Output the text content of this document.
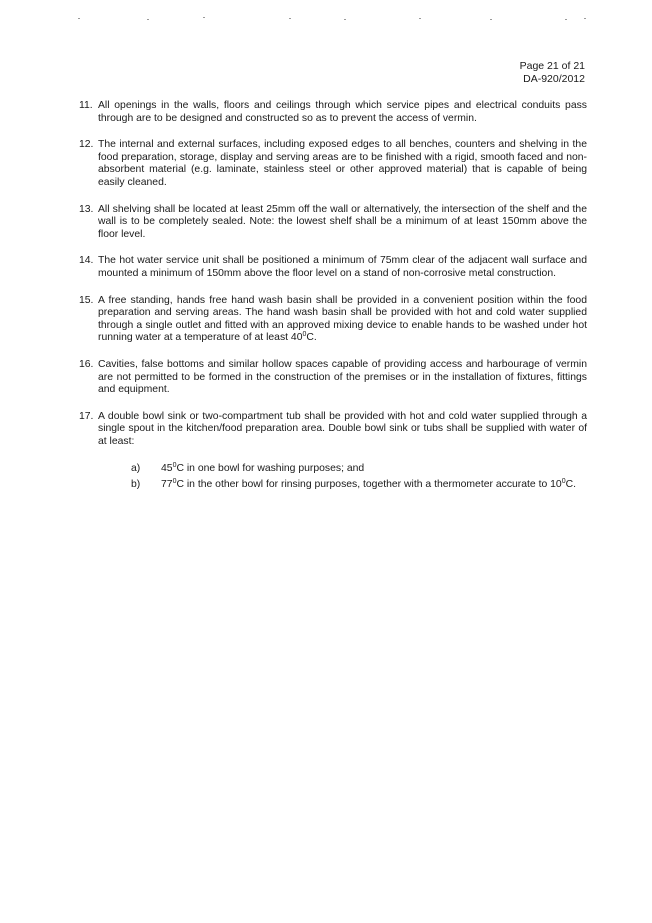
Page 21 of 21
DA-920/2012
11. All openings in the walls, floors and ceilings through which service pipes and electrical conduits pass through are to be designed and constructed so as to prevent the access of vermin.
12. The internal and external surfaces, including exposed edges to all benches, counters and shelving in the food preparation, storage, display and serving areas are to be finished with a rigid, smooth faced and non-absorbent material (e.g. laminate, stainless steel or other approved material) that is capable of being easily cleaned.
13. All shelving shall be located at least 25mm off the wall or alternatively, the intersection of the shelf and the wall is to be completely sealed. Note: the lowest shelf shall be a minimum of at least 150mm above the floor level.
14. The hot water service unit shall be positioned a minimum of 75mm clear of the adjacent wall surface and mounted a minimum of 150mm above the floor level on a stand of non-corrosive metal construction.
15. A free standing, hands free hand wash basin shall be provided in a convenient position within the food preparation and serving areas. The hand wash basin shall be provided with hot and cold water supplied through a single outlet and fitted with an approved mixing device to enable hands to be washed under hot running water at a temperature of at least $40^0C$.
16. Cavities, false bottoms and similar hollow spaces capable of providing access and harbourage of vermin are not permitted to be formed in the construction of the premises or in the installation of fixtures, fittings and equipment.
17. A double bowl sink or two-compartment tub shall be provided with hot and cold water supplied through a single spout in the kitchen/food preparation area. Double bowl sink or tubs shall be supplied with water of at least:
a)	$45^0C$ in one bowl for washing purposes; and
b)	$77^0C$ in the other bowl for rinsing purposes, together with a thermometer accurate to $10^0C$.
